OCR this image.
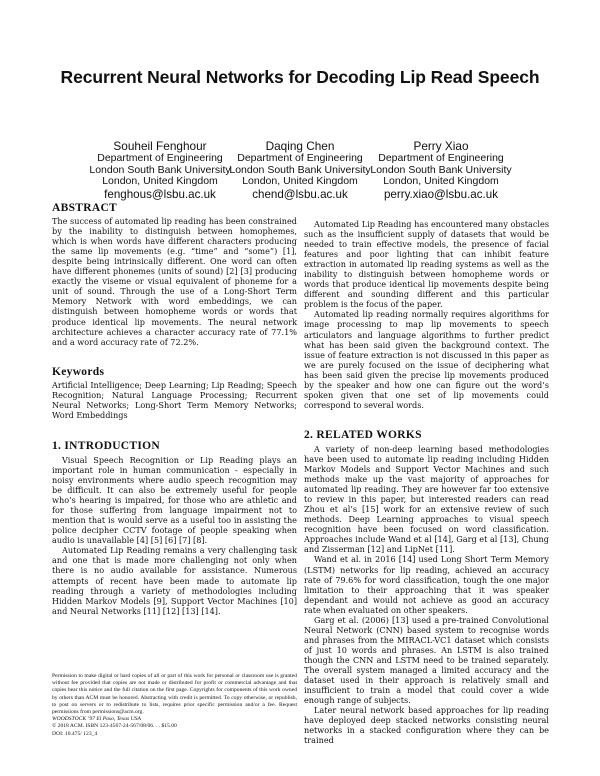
Recurrent Neural Networks for Decoding Lip Read Speech
Souheil Fenghour
Department of Engineering
London South Bank University
London, United Kingdom
fenghous@lsbu.ac.uk
Daqing Chen
Department of Engineering
London South Bank University
London, United Kingdom
chend@lsbu.ac.uk
Perry Xiao
Department of Engineering
London South Bank University
London, United Kingdom
perry.xiao@lsbu.ac.uk
ABSTRACT

The success of automated lip reading has been constrained by the inability to distinguish between homophemes, which is when words have different characters producing the same lip movements (e.g. “time” and “some”) [1], despite being intrinsically different. One word can often have different phonemes (units of sound) [2] [3] producing exactly the viseme or visual equivalent of phoneme for a unit of sound. Through the use of a Long-Short Term Memory Network with word embeddings, we can distinguish between homopheme words or words that produce identical lip movements. The neural network architecture achieves a character accuracy rate of 77.1% and a word accuracy rate of 72.2%.

Keywords

Artificial Intelligence; Deep Learning; Lip Reading; Speech Recognition; Natural Language Processing; Recurrent Neural Networks; Long-Short Term Memory Networks; Word Embeddings

1. INTRODUCTION

Visual Speech Recognition or Lip Reading plays an important role in human communication - especially in noisy environments where audio speech recognition may be difficult. It can also be extremely useful for people who’s hearing is impaired, for those who are athletic and for those suffering from language impairment not to mention that is would serve as a useful too in assisting the police decipher CCTV footage of people speaking when audio is unavailable [4] [5] [6] [7] [8].

Automated Lip Reading remains a very challenging task and one that is made more challenging not only when there is no audio available for assistance. Numerous attempts of recent have been made to automate lip reading through a variety of methodologies including Hidden Markov Models [9], Support Vector Machines [10] and Neural Networks [11] [12] [13] [14].

Permission to make digital or hard copies of all or part of this work for personal or classroom use is granted without fee provided that copies are not made or distributed for profit or commercial advantage and that copies bear this notice and the full citation on the first page. Copyrights for components of this work owned by others than ACM must be honored. Abstracting with credit is permitted. To copy otherwise, or republish, to post on servers or to redistribute to lists, requires prior specific permission and/or a fee. Request permissions from permissions@acm.org.

WOODSTOCK ’97 El Paso, Texas USA

© 2018 ACM. ISBN 123-4567-24-567/08/06. . . $15.00

DOI: 10.475/ 123_4

Automated Lip Reading has encountered many obstacles such as the insufficient supply of datasets that would be needed to train effective models, the presence of facial features and poor lighting that can inhibit feature extraction in automated lip reading systems as well as the inability to distinguish between homopheme words or words that produce identical lip movements despite being different and sounding different and this particular problem is the focus of the paper.

Automated lip reading normally requires algorithms for image processing to map lip movements to speech articulators and language algorithms to further predict what has been said given the background context. The issue of feature extraction is not discussed in this paper as we are purely focused on the issue of deciphering what has been said given the precise lip movements produced by the speaker and how one can figure out the word’s spoken given that one set of lip movements could correspond to several words.

2. RELATED WORKS

A variety of non-deep learning based methodologies have been used to automate lip reading including Hidden Markov Models and Support Vector Machines and such methods make up the vast majority of approaches for automated lip reading. They are however far too extensive to review in this paper, but interested readers can read Zhou et al’s [15] work for an extensive review of such methods. Deep Learning approaches to visual speech recognition have been focused on word classification. Approaches include Wand et al [14], Garg et al [13], Chung and Zisserman [12] and LipNet [11].

Wand et al. in 2016 [14] used Long Short Term Memory (LSTM) networks for lip reading, achieved an accuracy rate of 79.6% for word classification, tough the one major limitation to their approaching that it was speaker dependant and would not achieve as good an accuracy rate when evaluated on other speakers.

Garg et al. (2006) [13] used a pre-trained Convolutional Neural Network (CNN) based system to recognise words and phrases from the MIRACL-VC1 dataset which consists of just 10 words and phrases. An LSTM is also trained though the CNN and LSTM need to be trained separately. The overall system managed a limited accuracy and the dataset used in their approach is relatively small and insufficient to train a model that could cover a wide enough range of subjects.

Later neural network based approaches for lip reading have deployed deep stacked networks consisting neural networks in a stacked configuration where they can be trained
